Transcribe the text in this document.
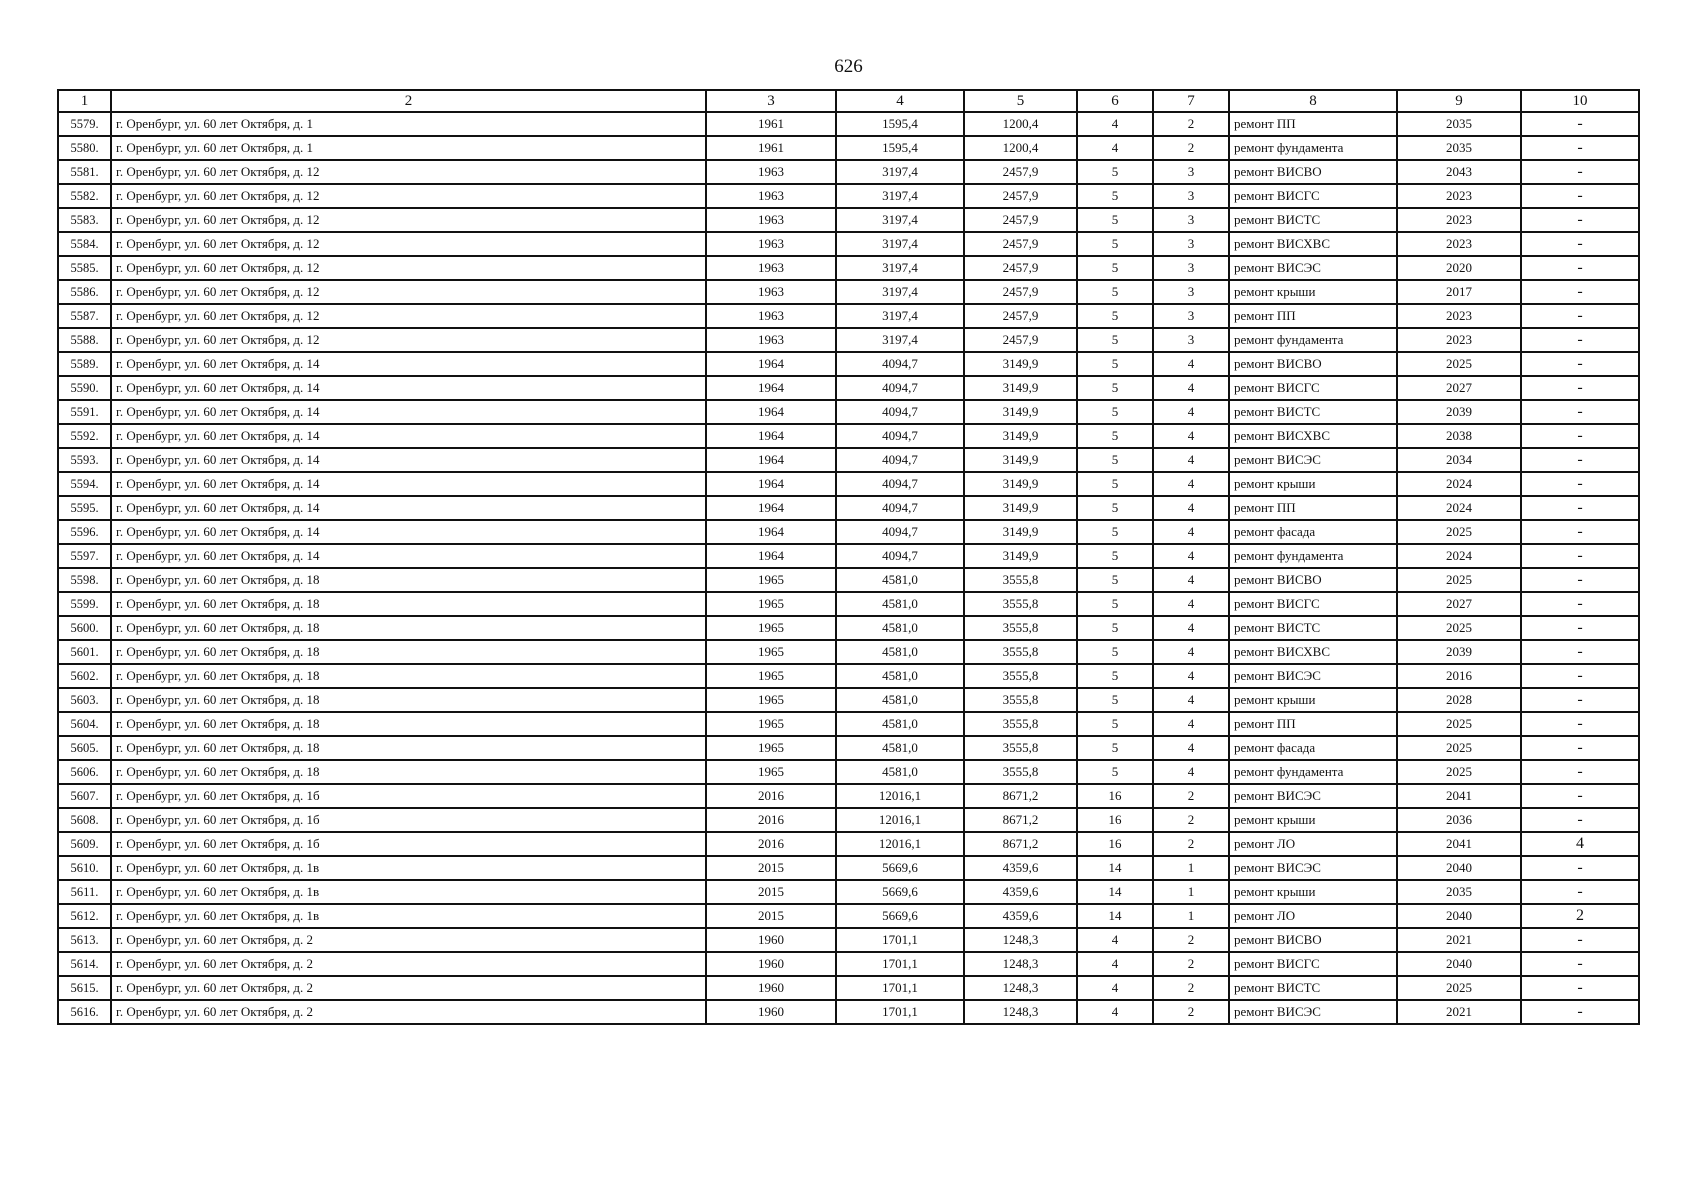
626
1	2	3	4	5	6	7	8	9	10
5579.	г. Оренбург, ул. 60 лет Октября, д. 1	1961	1595,4	1200,4	4	2	ремонт ПП	2035	-
5580.	г. Оренбург, ул. 60 лет Октября, д. 1	1961	1595,4	1200,4	4	2	ремонт фундамента	2035	-
5581.	г. Оренбург, ул. 60 лет Октября, д. 12	1963	3197,4	2457,9	5	3	ремонт ВИСВО	2043	-
5582.	г. Оренбург, ул. 60 лет Октября, д. 12	1963	3197,4	2457,9	5	3	ремонт ВИСГС	2023	-
5583.	г. Оренбург, ул. 60 лет Октября, д. 12	1963	3197,4	2457,9	5	3	ремонт ВИСТС	2023	-
5584.	г. Оренбург, ул. 60 лет Октября, д. 12	1963	3197,4	2457,9	5	3	ремонт ВИСХВС	2023	-
5585.	г. Оренбург, ул. 60 лет Октября, д. 12	1963	3197,4	2457,9	5	3	ремонт ВИСЭС	2020	-
5586.	г. Оренбург, ул. 60 лет Октября, д. 12	1963	3197,4	2457,9	5	3	ремонт крыши	2017	-
5587.	г. Оренбург, ул. 60 лет Октября, д. 12	1963	3197,4	2457,9	5	3	ремонт ПП	2023	-
5588.	г. Оренбург, ул. 60 лет Октября, д. 12	1963	3197,4	2457,9	5	3	ремонт фундамента	2023	-
5589.	г. Оренбург, ул. 60 лет Октября, д. 14	1964	4094,7	3149,9	5	4	ремонт ВИСВО	2025	-
5590.	г. Оренбург, ул. 60 лет Октября, д. 14	1964	4094,7	3149,9	5	4	ремонт ВИСГС	2027	-
5591.	г. Оренбург, ул. 60 лет Октября, д. 14	1964	4094,7	3149,9	5	4	ремонт ВИСТС	2039	-
5592.	г. Оренбург, ул. 60 лет Октября, д. 14	1964	4094,7	3149,9	5	4	ремонт ВИСХВС	2038	-
5593.	г. Оренбург, ул. 60 лет Октября, д. 14	1964	4094,7	3149,9	5	4	ремонт ВИСЭС	2034	-
5594.	г. Оренбург, ул. 60 лет Октября, д. 14	1964	4094,7	3149,9	5	4	ремонт крыши	2024	-
5595.	г. Оренбург, ул. 60 лет Октября, д. 14	1964	4094,7	3149,9	5	4	ремонт ПП	2024	-
5596.	г. Оренбург, ул. 60 лет Октября, д. 14	1964	4094,7	3149,9	5	4	ремонт фасада	2025	-
5597.	г. Оренбург, ул. 60 лет Октября, д. 14	1964	4094,7	3149,9	5	4	ремонт фундамента	2024	-
5598.	г. Оренбург, ул. 60 лет Октября, д. 18	1965	4581,0	3555,8	5	4	ремонт ВИСВО	2025	-
5599.	г. Оренбург, ул. 60 лет Октября, д. 18	1965	4581,0	3555,8	5	4	ремонт ВИСГС	2027	-
5600.	г. Оренбург, ул. 60 лет Октября, д. 18	1965	4581,0	3555,8	5	4	ремонт ВИСТС	2025	-
5601.	г. Оренбург, ул. 60 лет Октября, д. 18	1965	4581,0	3555,8	5	4	ремонт ВИСХВС	2039	-
5602.	г. Оренбург, ул. 60 лет Октября, д. 18	1965	4581,0	3555,8	5	4	ремонт ВИСЭС	2016	-
5603.	г. Оренбург, ул. 60 лет Октября, д. 18	1965	4581,0	3555,8	5	4	ремонт крыши	2028	-
5604.	г. Оренбург, ул. 60 лет Октября, д. 18	1965	4581,0	3555,8	5	4	ремонт ПП	2025	-
5605.	г. Оренбург, ул. 60 лет Октября, д. 18	1965	4581,0	3555,8	5	4	ремонт фасада	2025	-
5606.	г. Оренбург, ул. 60 лет Октября, д. 18	1965	4581,0	3555,8	5	4	ремонт фундамента	2025	-
5607.	г. Оренбург, ул. 60 лет Октября, д. 1б	2016	12016,1	8671,2	16	2	ремонт ВИСЭС	2041	-
5608.	г. Оренбург, ул. 60 лет Октября, д. 1б	2016	12016,1	8671,2	16	2	ремонт крыши	2036	-
5609.	г. Оренбург, ул. 60 лет Октября, д. 1б	2016	12016,1	8671,2	16	2	ремонт ЛО	2041	4
5610.	г. Оренбург, ул. 60 лет Октября, д. 1в	2015	5669,6	4359,6	14	1	ремонт ВИСЭС	2040	-
5611.	г. Оренбург, ул. 60 лет Октября, д. 1в	2015	5669,6	4359,6	14	1	ремонт крыши	2035	-
5612.	г. Оренбург, ул. 60 лет Октября, д. 1в	2015	5669,6	4359,6	14	1	ремонт ЛО	2040	2
5613.	г. Оренбург, ул. 60 лет Октября, д. 2	1960	1701,1	1248,3	4	2	ремонт ВИСВО	2021	-
5614.	г. Оренбург, ул. 60 лет Октября, д. 2	1960	1701,1	1248,3	4	2	ремонт ВИСГС	2040	-
5615.	г. Оренбург, ул. 60 лет Октября, д. 2	1960	1701,1	1248,3	4	2	ремонт ВИСТС	2025	-
5616.	г. Оренбург, ул. 60 лет Октября, д. 2	1960	1701,1	1248,3	4	2	ремонт ВИСЭС	2021	-
